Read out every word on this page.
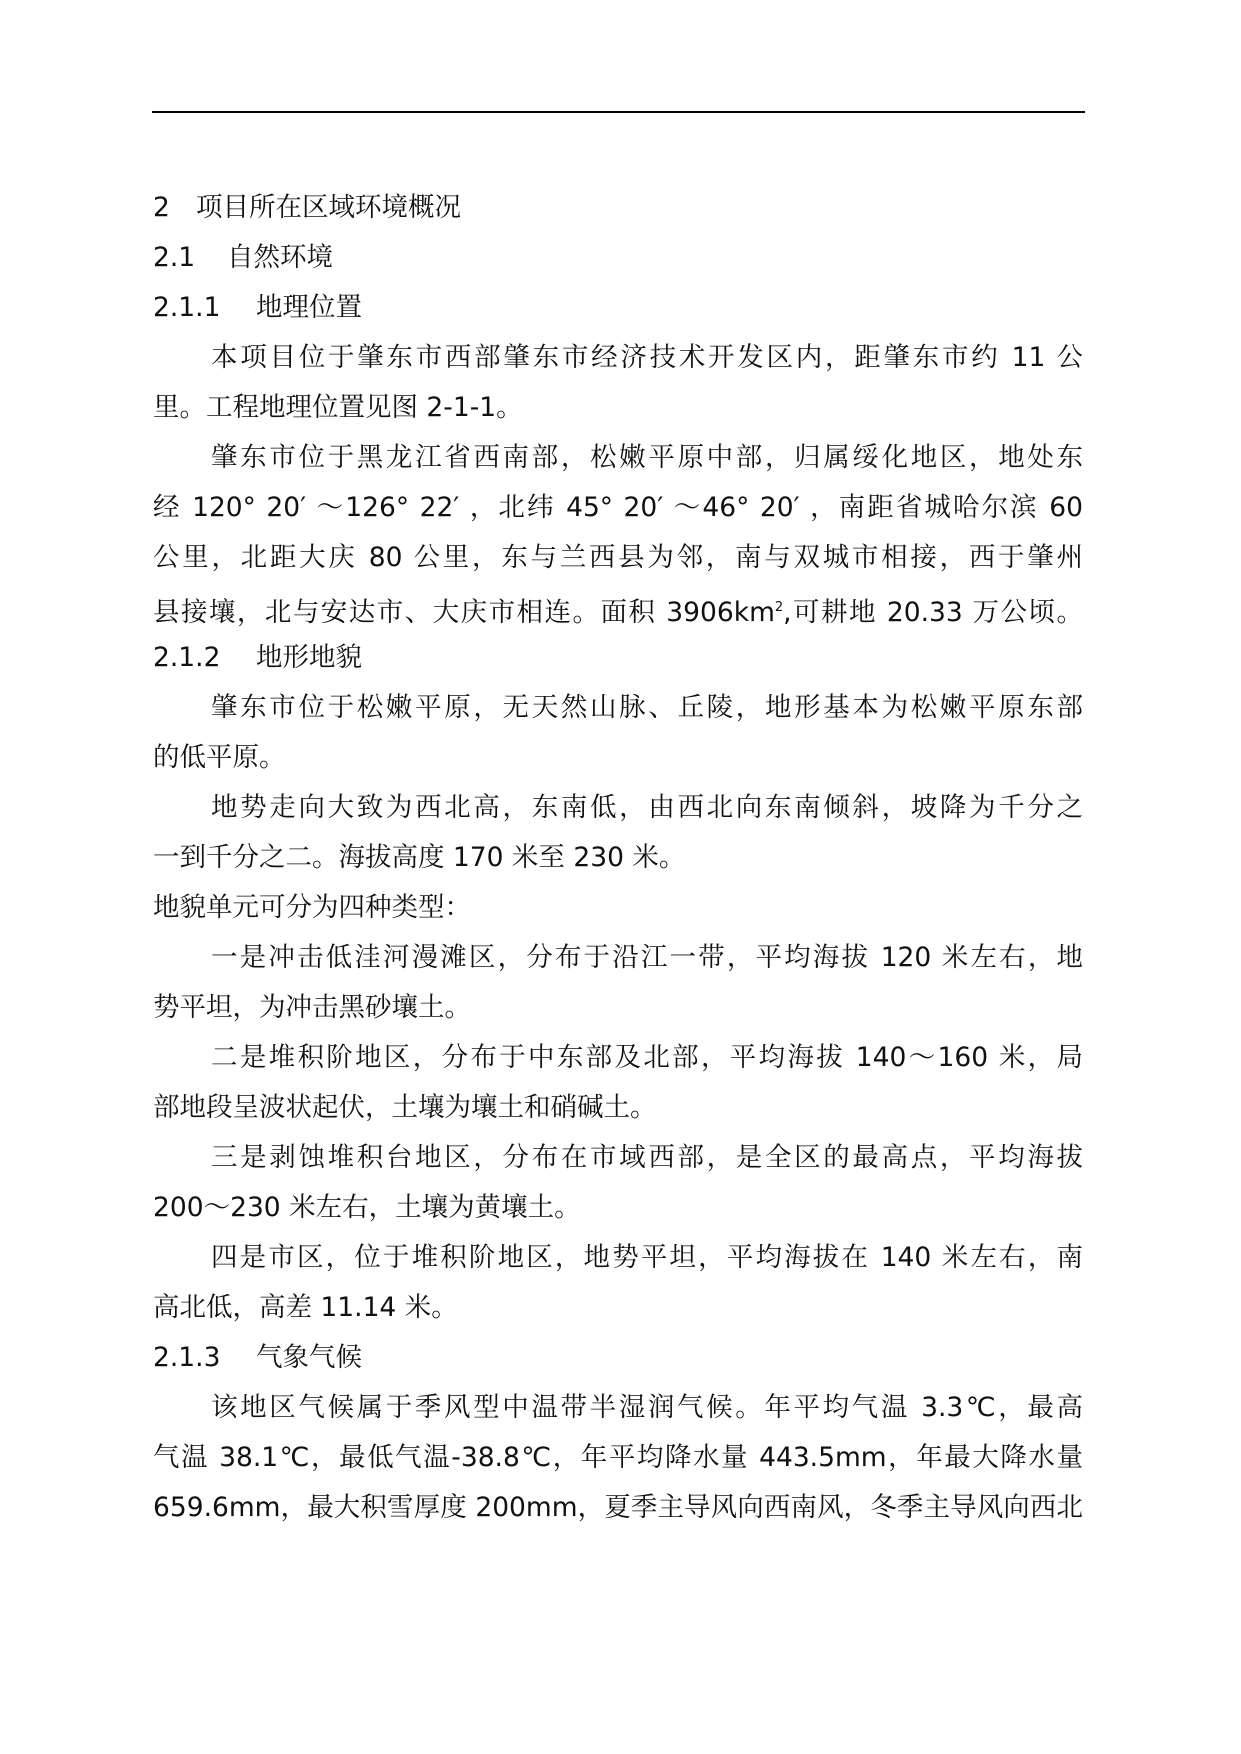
2 项目所在区域环境概况
2.1 自然环境
2.1.1 地理位置
本项目位于肇东市西部肇东市经济技术开发区内，距肇东市约 11 公
里。工程地理位置见图 2-1-1。
肇东市位于黑龙江省西南部，松嫩平原中部，归属绥化地区，地处东
经 120° 20′ ～126° 22′ ，北纬 45° 20′ ～46° 20′ ，南距省城哈尔滨 60
公里，北距大庆 80 公里，东与兰西县为邻，南与双城市相接，西于肇州
县接壤，北与安达市、大庆市相连。面积 $3906km^2$,可耕地 20.33 万公顷。
2.1.2 地形地貌
肇东市位于松嫩平原，无天然山脉、丘陵，地形基本为松嫩平原东部
的低平原。
地势走向大致为西北高，东南低，由西北向东南倾斜，坡降为千分之
一到千分之二。海拔高度 170 米至 230 米。
地貌单元可分为四种类型：
一是冲击低洼河漫滩区，分布于沿江一带，平均海拔 120 米左右，地
势平坦，为冲击黑砂壤土。
二是堆积阶地区，分布于中东部及北部，平均海拔 140～160 米，局
部地段呈波状起伏，土壤为壤土和硝碱土。
三是剥蚀堆积台地区，分布在市域西部，是全区的最高点，平均海拔
200～230 米左右，土壤为黄壤土。
四是市区，位于堆积阶地区，地势平坦，平均海拔在 140 米左右，南
高北低，高差 11.14 米。
2.1.3 气象气候
该地区气候属于季风型中温带半湿润气候。年平均气温 3.3℃，最高
气温 38.1℃，最低气温-38.8℃，年平均降水量 443.5mm，年最大降水量
659.6mm，最大积雪厚度 200mm，夏季主导风向西南风，冬季主导风向西北
